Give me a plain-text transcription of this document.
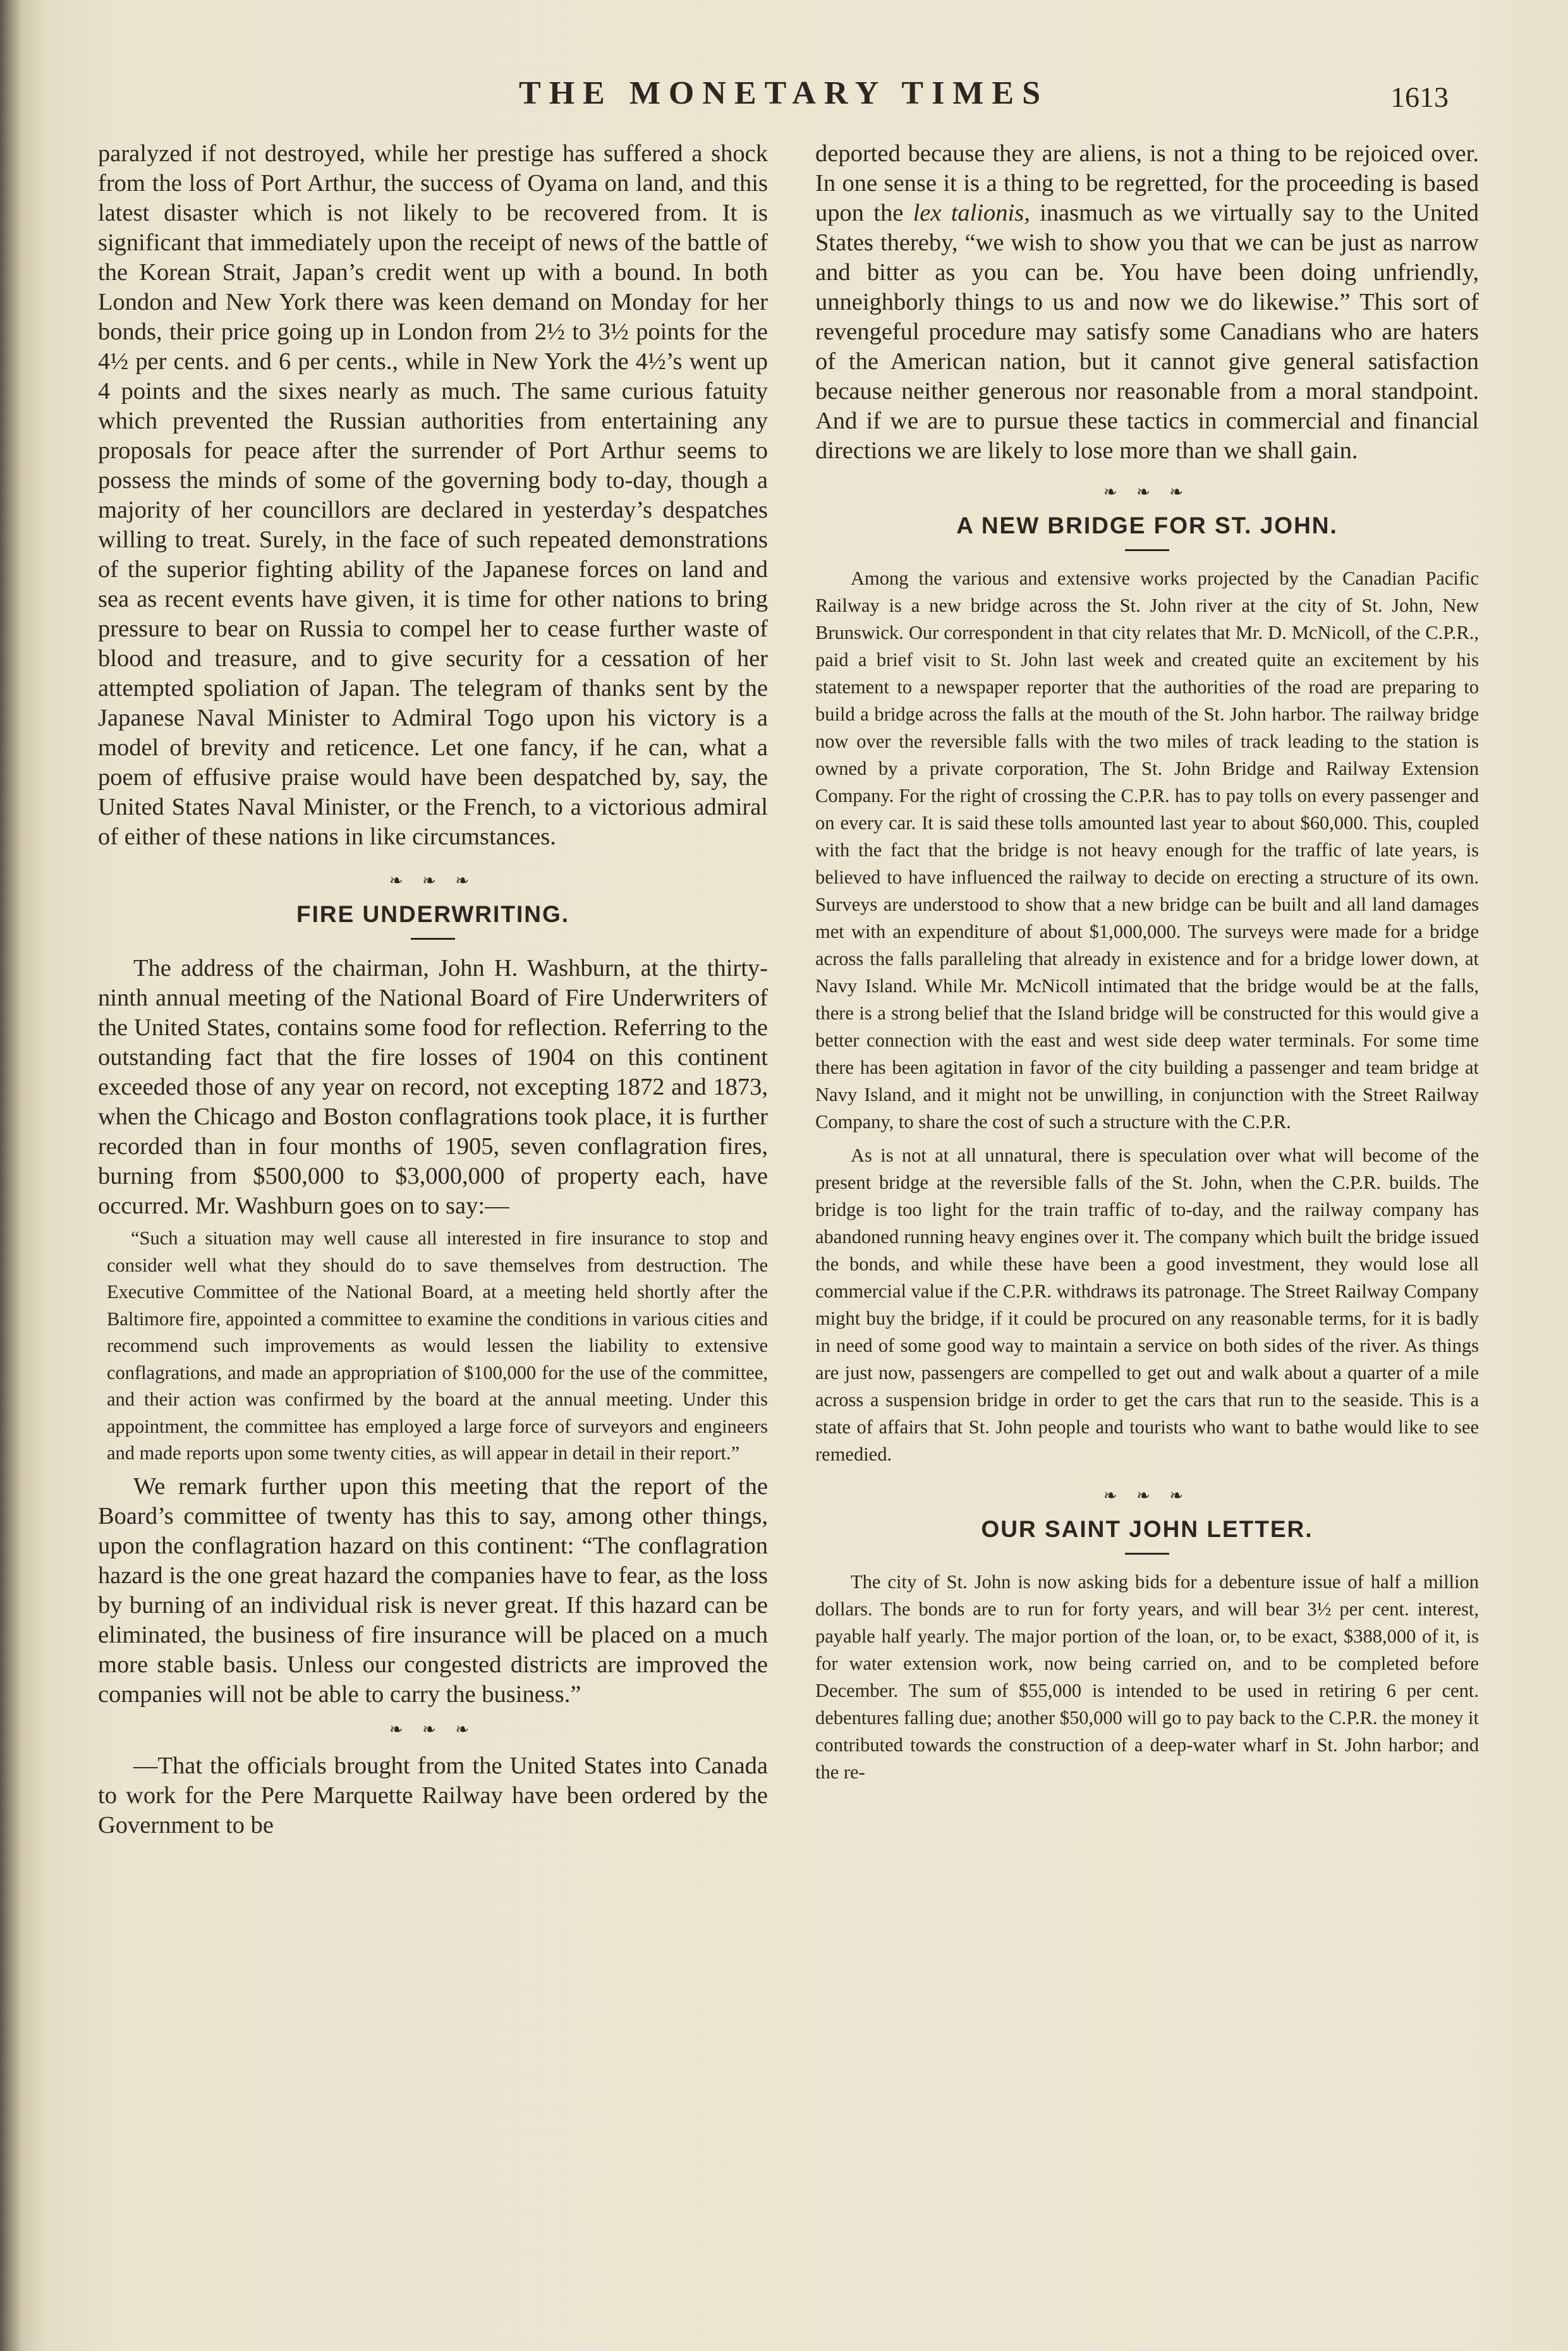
THE MONETARY TIMES	1613

paralyzed if not destroyed, while her prestige has suffered a shock from the loss of Port Arthur, the success of Oyama on land, and this latest disaster which is not likely to be recovered from. It is significant that immediately upon the receipt of news of the battle of the Korean Strait, Japan’s credit went up with a bound. In both London and New York there was keen demand on Monday for her bonds, their price going up in London from 2½ to 3½ points for the 4½ per cents. and 6 per cents., while in New York the 4½’s went up 4 points and the sixes nearly as much. The same curious fatuity which prevented the Russian authorities from entertaining any proposals for peace after the surrender of Port Arthur seems to possess the minds of some of the governing body to-day, though a majority of her councillors are declared in yesterday’s despatches willing to treat. Surely, in the face of such repeated demonstrations of the superior fighting ability of the Japanese forces on land and sea as recent events have given, it is time for other nations to bring pressure to bear on Russia to compel her to cease further waste of blood and treasure, and to give security for a cessation of her attempted spoliation of Japan. The telegram of thanks sent by the Japanese Naval Minister to Admiral Togo upon his victory is a model of brevity and reticence. Let one fancy, if he can, what a poem of effusive praise would have been despatched by, say, the United States Naval Minister, or the French, to a victorious admiral of either of these nations in like circumstances.

❧ ❧ ❧
FIRE UNDERWRITING.

The address of the chairman, John H. Washburn, at the thirty-ninth annual meeting of the National Board of Fire Underwriters of the United States, contains some food for reflection. Referring to the outstanding fact that the fire losses of 1904 on this continent exceeded those of any year on record, not excepting 1872 and 1873, when the Chicago and Boston conflagrations took place, it is further recorded than in four months of 1905, seven conflagration fires, burning from $500,000 to $3,000,000 of property each, have occurred. Mr. Washburn goes on to say:—

“Such a situation may well cause all interested in fire insurance to stop and consider well what they should do to save themselves from destruction. The Executive Committee of the National Board, at a meeting held shortly after the Baltimore fire, appointed a committee to examine the conditions in various cities and recommend such improvements as would lessen the liability to extensive conflagrations, and made an appropriation of $100,000 for the use of the committee, and their action was confirmed by the board at the annual meeting. Under this appointment, the committee has employed a large force of surveyors and engineers and made reports upon some twenty cities, as will appear in detail in their report.”

We remark further upon this meeting that the report of the Board’s committee of twenty has this to say, among other things, upon the conflagration hazard on this continent: “The conflagration hazard is the one great hazard the companies have to fear, as the loss by burning of an individual risk is never great. If this hazard can be eliminated, the business of fire insurance will be placed on a much more stable basis. Unless our congested districts are improved the companies will not be able to carry the business.”

❧ ❧ ❧

—That the officials brought from the United States into Canada to work for the Pere Marquette Railway have been ordered by the Government to be

deported because they are aliens, is not a thing to be rejoiced over. In one sense it is a thing to be regretted, for the proceeding is based upon the lex talionis, inasmuch as we virtually say to the United States thereby, “we wish to show you that we can be just as narrow and bitter as you can be. You have been doing unfriendly, unneighborly things to us and now we do likewise.” This sort of revengeful procedure may satisfy some Canadians who are haters of the American nation, but it cannot give general satisfaction because neither generous nor reasonable from a moral standpoint. And if we are to pursue these tactics in commercial and financial directions we are likely to lose more than we shall gain.

❧ ❧ ❧
A NEW BRIDGE FOR ST. JOHN.

Among the various and extensive works projected by the Canadian Pacific Railway is a new bridge across the St. John river at the city of St. John, New Brunswick. Our correspondent in that city relates that Mr. D. McNicoll, of the C.P.R., paid a brief visit to St. John last week and created quite an excitement by his statement to a newspaper reporter that the authorities of the road are preparing to build a bridge across the falls at the mouth of the St. John harbor. The railway bridge now over the reversible falls with the two miles of track leading to the station is owned by a private corporation, The St. John Bridge and Railway Extension Company. For the right of crossing the C.P.R. has to pay tolls on every passenger and on every car. It is said these tolls amounted last year to about $60,000. This, coupled with the fact that the bridge is not heavy enough for the traffic of late years, is believed to have influenced the railway to decide on erecting a structure of its own. Surveys are understood to show that a new bridge can be built and all land damages met with an expenditure of about $1,000,000. The surveys were made for a bridge across the falls paralleling that already in existence and for a bridge lower down, at Navy Island. While Mr. McNicoll intimated that the bridge would be at the falls, there is a strong belief that the Island bridge will be constructed for this would give a better connection with the east and west side deep water terminals. For some time there has been agitation in favor of the city building a passenger and team bridge at Navy Island, and it might not be unwilling, in conjunction with the Street Railway Company, to share the cost of such a structure with the C.P.R.

As is not at all unnatural, there is speculation over what will become of the present bridge at the reversible falls of the St. John, when the C.P.R. builds. The bridge is too light for the train traffic of to-day, and the railway company has abandoned running heavy engines over it. The company which built the bridge issued the bonds, and while these have been a good investment, they would lose all commercial value if the C.P.R. withdraws its patronage. The Street Railway Company might buy the bridge, if it could be procured on any reasonable terms, for it is badly in need of some good way to maintain a service on both sides of the river. As things are just now, passengers are compelled to get out and walk about a quarter of a mile across a suspension bridge in order to get the cars that run to the seaside. This is a state of affairs that St. John people and tourists who want to bathe would like to see remedied.

❧ ❧ ❧
OUR SAINT JOHN LETTER.

The city of St. John is now asking bids for a debenture issue of half a million dollars. The bonds are to run for forty years, and will bear 3½ per cent. interest, payable half yearly. The major portion of the loan, or, to be exact, $388,000 of it, is for water extension work, now being carried on, and to be completed before December. The sum of $55,000 is intended to be used in retiring 6 per cent. debentures falling due; another $50,000 will go to pay back to the C.P.R. the money it contributed towards the construction of a deep-water wharf in St. John harbor; and the re-
